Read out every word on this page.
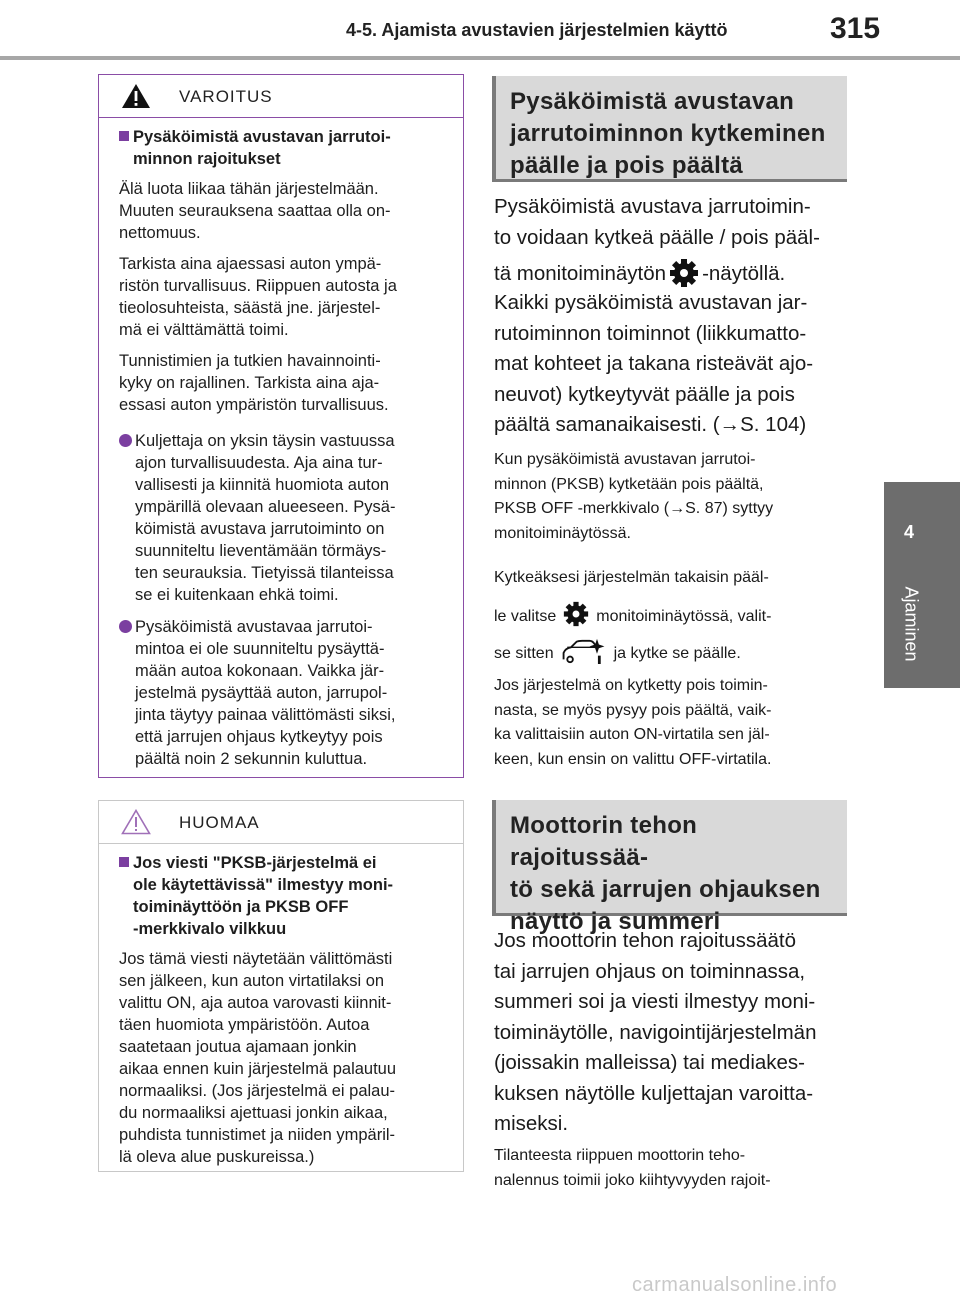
4-5. Ajamista avustavien järjestelmien käyttö	315
4
Ajaminen
VAROITUS
Pysäköimistä avustavan jarrutoi-
minnon rajoitukset

Älä luota liikaa tähän järjestelmään.
Muuten seurauksena saattaa olla on-
nettomuus.

Tarkista aina ajaessasi auton ympä-
ristön turvallisuus. Riippuen autosta ja
tieolosuhteista, säästä jne. järjestel-
mä ei välttämättä toimi.

Tunnistimien ja tutkien havainnointi-
kyky on rajallinen. Tarkista aina aja-
essasi auton ympäristön turvallisuus.

Kuljettaja on yksin täysin vastuussa
ajon turvallisuudesta. Aja aina tur-
vallisesti ja kiinnitä huomiota auton
ympärillä olevaan alueeseen. Pysä-
köimistä avustava jarrutoiminto on
suunniteltu lieventämään törmäys-
ten seurauksia. Tietyissä tilanteissa
se ei kuitenkaan ehkä toimi.
Pysäköimistä avustavaa jarrutoi-
mintoa ei ole suunniteltu pysäyttä-
mään autoa kokonaan. Vaikka jär-
jestelmä pysäyttää auton, jarrupol-
jinta täytyy painaa välittömästi siksi,
että jarrujen ohjaus kytkeytyy pois
päältä noin 2 sekunnin kuluttua.
HUOMAA
Jos viesti "PKSB-järjestelmä ei
ole käytettävissä" ilmestyy moni-
toiminäyttöön ja PKSB OFF
-merkkivalo vilkkuu

Jos tämä viesti näytetään välittömästi
sen jälkeen, kun auton virtatilaksi on
valittu ON, aja autoa varovasti kiinnit-
täen huomiota ympäristöön. Autoa
saatetaan joutua ajamaan jonkin
aikaa ennen kuin järjestelmä palautuu
normaaliksi. (Jos järjestelmä ei palau-
du normaaliksi ajettuasi jonkin aikaa,
puhdista tunnistimet ja niiden ympäril-
lä oleva alue puskureissa.)

Pysäköimistä avustavan
jarrutoiminnon kytkeminen
päälle ja pois päältä
Pysäköimistä avustava jarrutoimin-
to voidaan kytkeä päälle / pois pääl-
tä monitoiminäytön -näytöllä.
Kaikki pysäköimistä avustavan jar-
rutoiminnon toiminnot (liikkumatto-
mat kohteet ja takana risteävät ajo-
neuvot) kytkeytyvät päälle ja pois
päältä samanaikaisesti. (→S. 104)
Kun pysäköimistä avustavan jarrutoi-
minnon (PKSB) kytketään pois päältä,
PKSB OFF -merkkivalo (→S. 87) syttyy
monitoiminäytössä.
Kytkeäksesi järjestelmän takaisin pääl-
le valitse	monitoiminäytössä, valit-
se sitten	ja kytke se päälle.
Jos järjestelmä on kytketty pois toimin-
nasta, se myös pysyy pois päältä, vaik-
ka valittaisiin auton ON-virtatila sen jäl-
keen, kun ensin on valittu OFF-virtatila.
Moottorin tehon rajoitussää-
tö sekä jarrujen ohjauksen
näyttö ja summeri
Jos moottorin tehon rajoitussäätö
tai jarrujen ohjaus on toiminnassa,
summeri soi ja viesti ilmestyy moni-
toiminäytölle, navigointijärjestelmän
(joissakin malleissa) tai mediakes-
kuksen näytölle kuljettajan varoitta-
miseksi.
Tilanteesta riippuen moottorin teho-
nalennus toimii joko kiihtyvyyden rajoit-
carmanualsonline.info
